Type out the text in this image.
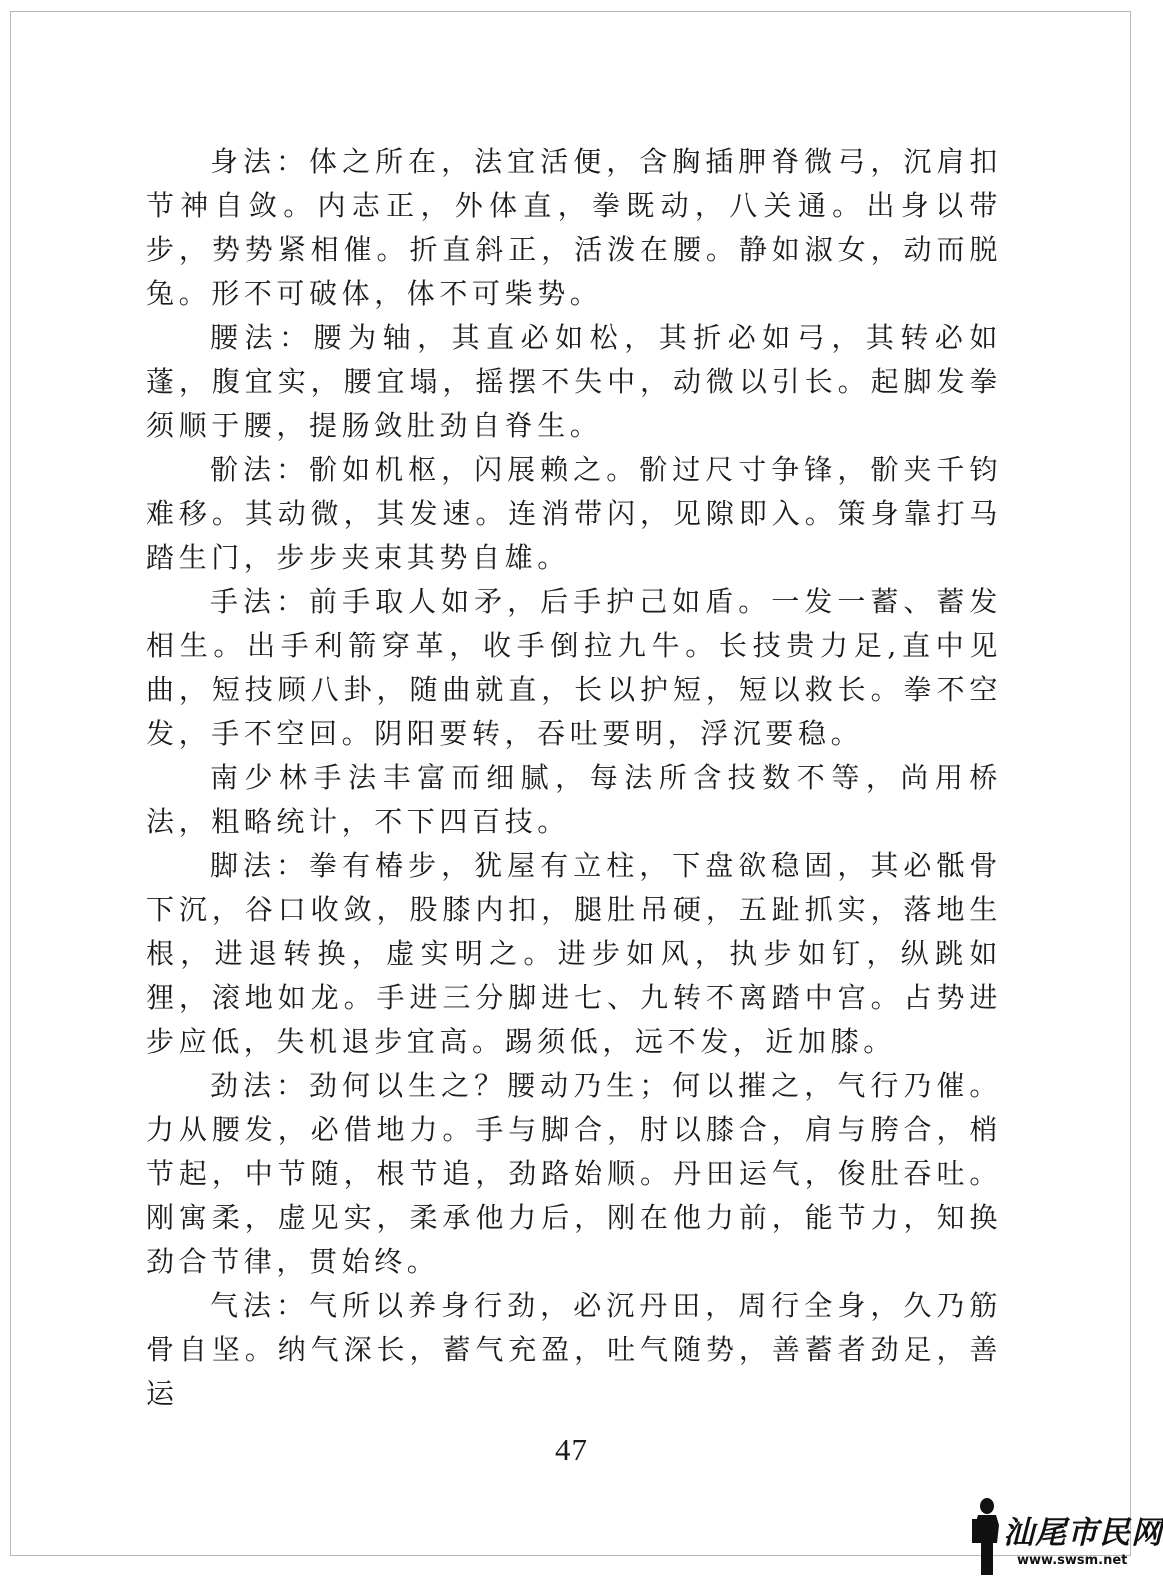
身法：体之所在，法宜活便，含胸插胛脊微弓，沉肩扣节神自敛。内志正，外体直，拳既动，八关通。出身以带步，势势紧相催。折直斜正，活泼在腰。静如淑女，动而脱兔。形不可破体，体不可柴势。

腰法：腰为轴，其直必如松，其折必如弓，其转必如蓬，腹宜实，腰宜塌，摇摆不失中，动微以引长。起脚发拳须顺于腰，提肠敛肚劲自脊生。

骱法：骱如机枢，闪展赖之。骱过尺寸争锋，骱夹千钧难移。其动微，其发速。连消带闪，见隙即入。策身靠打马踏生门，步步夹束其势自雄。

手法：前手取人如矛，后手护己如盾。一发一蓄、蓄发相生。出手利箭穿革，收手倒拉九牛。长技贵力足,直中见曲，短技顾八卦，随曲就直，长以护短，短以救长。拳不空发，手不空回。阴阳要转，吞吐要明，浮沉要稳。

南少林手法丰富而细腻，每法所含技数不等，尚用桥法，粗略统计，不下四百技。

脚法：拳有椿步，犹屋有立柱，下盘欲稳固，其必骶骨下沉，谷口收敛，股膝内扣，腿肚吊硬，五趾抓实，落地生根，进退转换，虚实明之。进步如风，执步如钉，纵跳如狸，滚地如龙。手进三分脚进七、九转不离踏中宫。占势进步应低，失机退步宜高。踢须低，远不发，近加膝。

劲法：劲何以生之？腰动乃生；何以摧之，气行乃催。力从腰发，必借地力。手与脚合，肘以膝合，肩与胯合，梢节起，中节随，根节追，劲路始顺。丹田运气，俊肚吞吐。刚寓柔，虚见实，柔承他力后，刚在他力前，能节力，知换劲合节律，贯始终。

气法：气所以养身行劲，必沉丹田，周行全身，久乃筋骨自坚。纳气深长，蓄气充盈，吐气随势，善蓄者劲足，善运

47
汕尾市民网
www.swsm.net
